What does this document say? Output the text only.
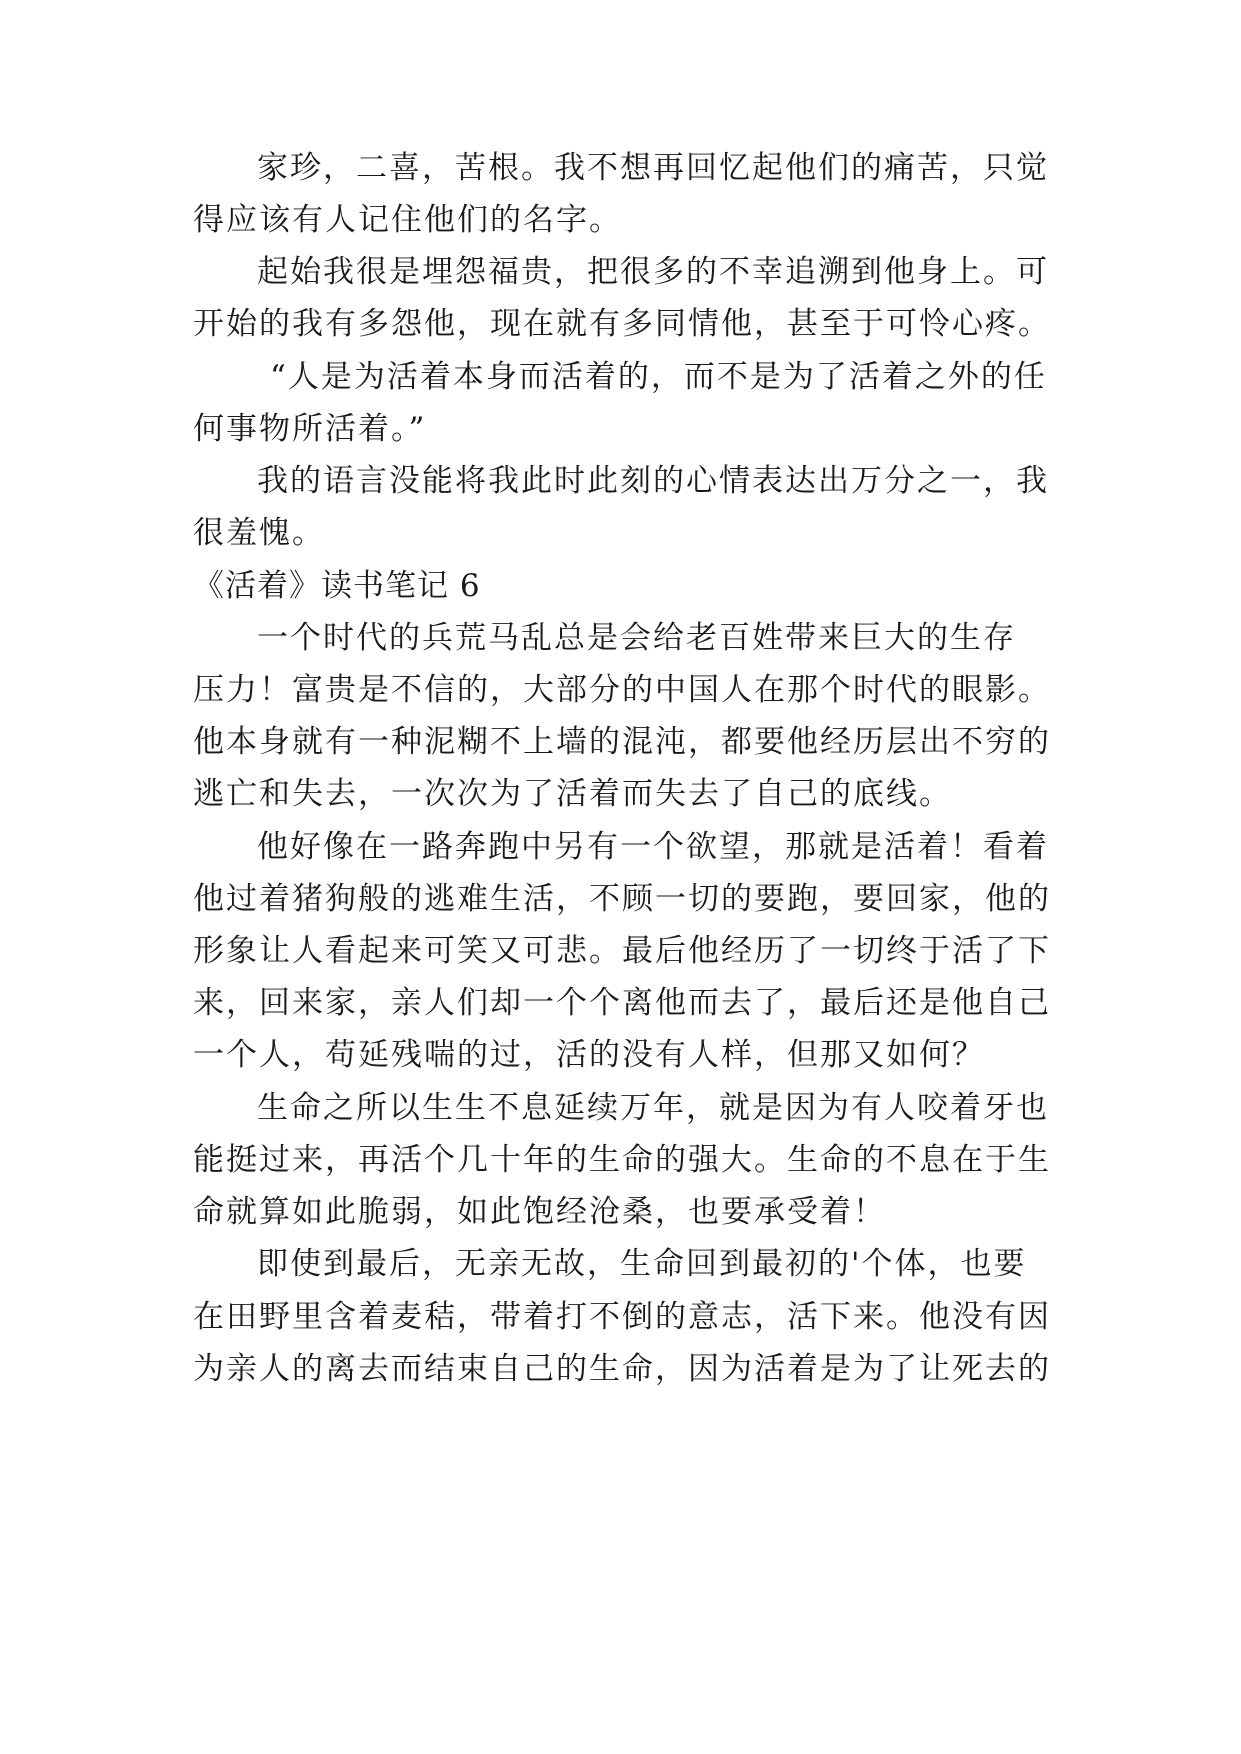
家珍，二喜，苦根。我不想再回忆起他们的痛苦，只觉
得应该有人记住他们的名字。
起始我很是埋怨福贵，把很多的不幸追溯到他身上。可
开始的我有多怨他，现在就有多同情他，甚至于可怜心疼。
“人是为活着本身而活着的，而不是为了活着之外的任
何事物所活着。”
我的语言没能将我此时此刻的心情表达出万分之一，我
很羞愧。
《活着》读书笔记 6
一个时代的兵荒马乱总是会给老百姓带来巨大的生存
压力！富贵是不信的，大部分的中国人在那个时代的眼影。
他本身就有一种泥糊不上墙的混沌，都要他经历层出不穷的
逃亡和失去，一次次为了活着而失去了自己的底线。
他好像在一路奔跑中另有一个欲望，那就是活着！看着
他过着猪狗般的逃难生活，不顾一切的要跑，要回家，他的
形象让人看起来可笑又可悲。最后他经历了一切终于活了下
来，回来家，亲人们却一个个离他而去了，最后还是他自己
一个人，苟延残喘的过，活的没有人样，但那又如何？
生命之所以生生不息延续万年，就是因为有人咬着牙也
能挺过来，再活个几十年的生命的强大。生命的不息在于生
命就算如此脆弱，如此饱经沧桑，也要承受着！
即使到最后，无亲无故，生命回到最初的'个体，也要
在田野里含着麦秸，带着打不倒的意志，活下来。他没有因
为亲人的离去而结束自己的生命，因为活着是为了让死去的
